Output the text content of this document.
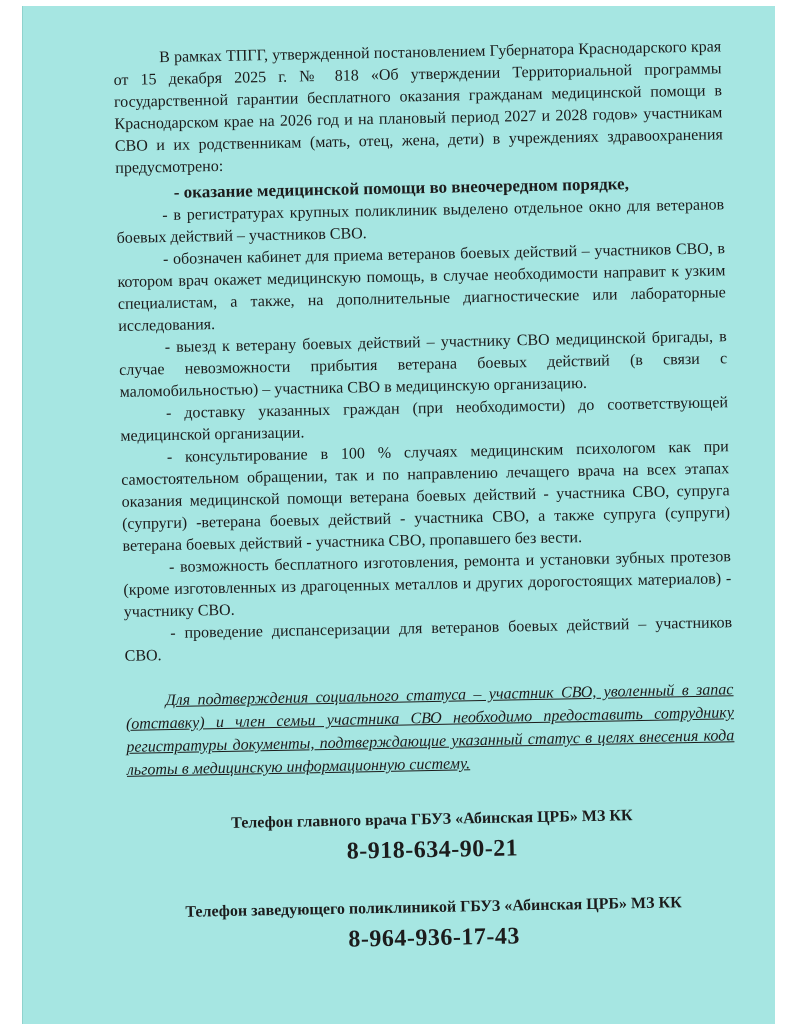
В рамках ТПГГ, утвержденной постановлением Губернатора Краснодарского края от 15 декабря 2025 г. № 818 «Об утверждении Территориальной программы государственной гарантии бесплатного оказания гражданам медицинской помощи в Краснодарском крае на 2026 год и на плановый период 2027 и 2028 годов» участникам СВО и их родственникам (мать, отец, жена, дети) в учреждениях здравоохранения предусмотрено:

- оказание медицинской помощи во внеочередном порядке,

- в регистратурах крупных поликлиник выделено отдельное окно для ветеранов боевых действий – участников СВО.

- обозначен кабинет для приема ветеранов боевых действий – участников СВО, в котором врач окажет медицинскую помощь, в случае необходимости направит к узким специалистам, а также, на дополнительные диагностические или лабораторные исследования.

- выезд к ветерану боевых действий – участнику СВО медицинской бригады, в случае невозможности прибытия ветерана боевых действий (в связи с маломобильностью) – участника СВО в медицинскую организацию.

- доставку указанных граждан (при необходимости) до соответствующей медицинской организации.

- консультирование в 100 % случаях медицинским психологом как при самостоятельном обращении, так и по направлению лечащего врача на всех этапах оказания медицинской помощи ветерана боевых действий - участника СВО, супруга (супруги) -ветерана боевых действий - участника СВО, а также супруга (супруги) ветерана боевых действий - участника СВО, пропавшего без вести.

- возможность бесплатного изготовления, ремонта и установки зубных протезов (кроме изготовленных из драгоценных металлов и других дорогостоящих материалов) - участнику СВО.

- проведение диспансеризации для ветеранов боевых действий – участников СВО.

Для подтверждения социального статуса – участник СВО, уволенный в запас (отставку) и член семьи участника СВО необходимо предоставить сотруднику регистратуры документы, подтверждающие указанный статус в целях внесения кода льготы в медицинскую информационную систему.

Телефон главного врача ГБУЗ «Абинская ЦРБ» МЗ КК

8-918-634-90-21

Телефон заведующего поликлиникой ГБУЗ «Абинская ЦРБ» МЗ КК

8-964-936-17-43
